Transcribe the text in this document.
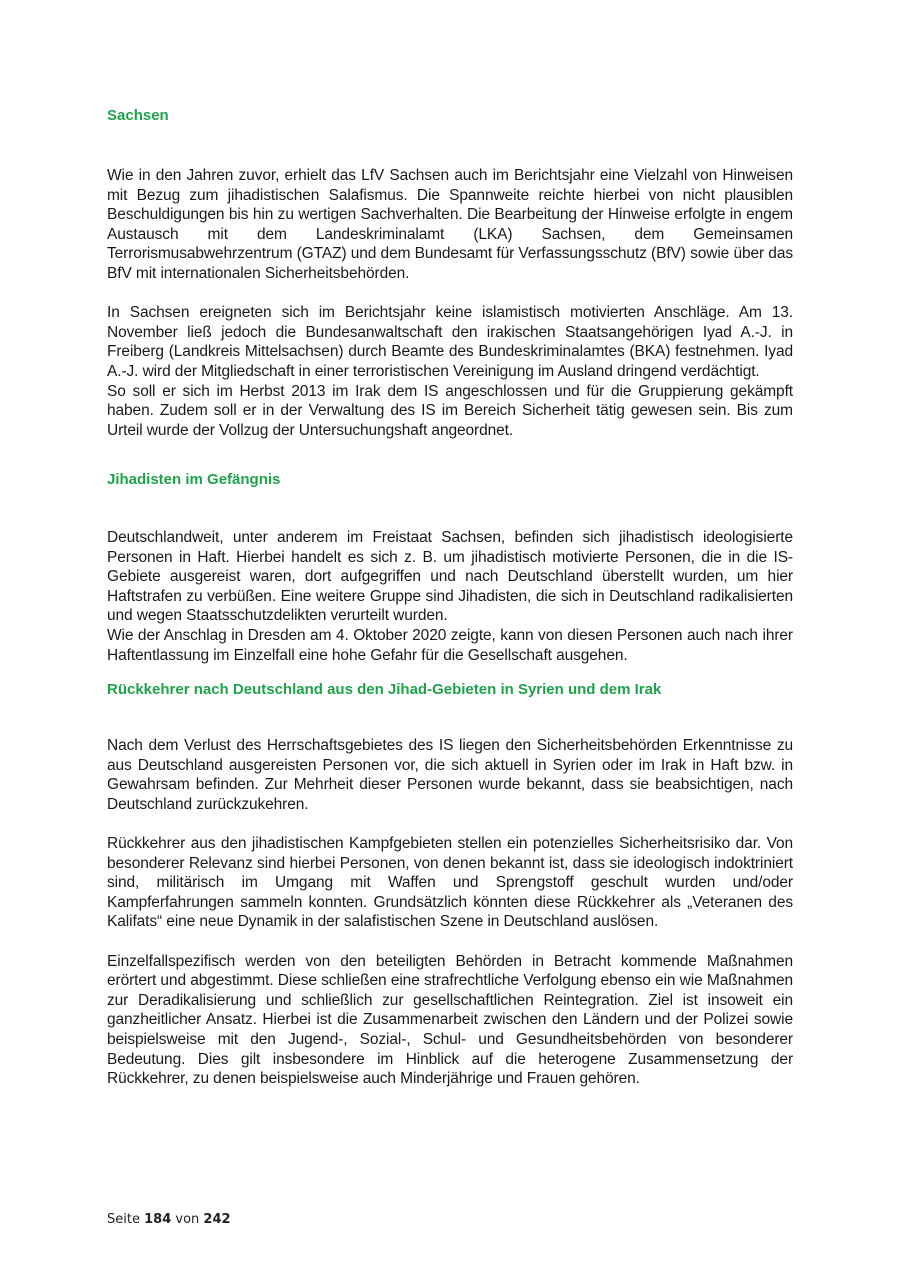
Sachsen

Wie in den Jahren zuvor, erhielt das LfV Sachsen auch im Berichtsjahr eine Vielzahl von Hinweisen mit Bezug zum jihadistischen Salafismus. Die Spannweite reichte hierbei von nicht plausiblen Beschuldigungen bis hin zu wertigen Sachverhalten. Die Bearbeitung der Hinweise erfolgte in engem Austausch mit dem Landeskriminalamt (LKA) Sachsen, dem Gemeinsamen Terrorismusabwehrzentrum (GTAZ) und dem Bundesamt für Verfassungsschutz (BfV) sowie über das BfV mit internationalen Sicherheitsbehörden.

In Sachsen ereigneten sich im Berichtsjahr keine islamistisch motivierten Anschläge. Am 13. November ließ jedoch die Bundesanwaltschaft den irakischen Staatsangehörigen Iyad A.-J. in Freiberg (Landkreis Mittelsachsen) durch Beamte des Bundeskriminalamtes (BKA) festnehmen. Iyad A.-J. wird der Mitgliedschaft in einer terroristischen Vereinigung im Ausland dringend verdächtigt.

So soll er sich im Herbst 2013 im Irak dem IS angeschlossen und für die Gruppierung gekämpft haben. Zudem soll er in der Verwaltung des IS im Bereich Sicherheit tätig gewesen sein. Bis zum Urteil wurde der Vollzug der Untersuchungshaft angeordnet.

Jihadisten im Gefängnis

Deutschlandweit, unter anderem im Freistaat Sachsen, befinden sich jihadistisch ideologisierte Personen in Haft. Hierbei handelt es sich z. B. um jihadistisch motivierte Personen, die in die IS-Gebiete ausgereist waren, dort aufgegriffen und nach Deutschland überstellt wurden, um hier Haftstrafen zu verbüßen. Eine weitere Gruppe sind Jihadisten, die sich in Deutschland radikalisierten und wegen Staatsschutzdelikten verurteilt wurden.

Wie der Anschlag in Dresden am 4. Oktober 2020 zeigte, kann von diesen Personen auch nach ihrer Haftentlassung im Einzelfall eine hohe Gefahr für die Gesellschaft ausgehen.

Rückkehrer nach Deutschland aus den Jihad-Gebieten in Syrien und dem Irak

Nach dem Verlust des Herrschaftsgebietes des IS liegen den Sicherheitsbehörden Erkenntnisse zu aus Deutschland ausgereisten Personen vor, die sich aktuell in Syrien oder im Irak in Haft bzw. in Gewahrsam befinden. Zur Mehrheit dieser Personen wurde bekannt, dass sie beabsichtigen, nach Deutschland zurückzukehren.

Rückkehrer aus den jihadistischen Kampfgebieten stellen ein potenzielles Sicherheitsrisiko dar. Von besonderer Relevanz sind hierbei Personen, von denen bekannt ist, dass sie ideologisch indoktriniert sind, militärisch im Umgang mit Waffen und Sprengstoff geschult wurden und/oder Kampferfahrungen sammeln konnten. Grundsätzlich könnten diese Rückkehrer als „Veteranen des Kalifats“ eine neue Dynamik in der salafistischen Szene in Deutschland auslösen.

Einzelfallspezifisch werden von den beteiligten Behörden in Betracht kommende Maßnahmen erörtert und abgestimmt. Diese schließen eine strafrechtliche Verfolgung ebenso ein wie Maßnahmen zur Deradikalisierung und schließlich zur gesellschaftlichen Reintegration. Ziel ist insoweit ein ganzheitlicher Ansatz. Hierbei ist die Zusammenarbeit zwischen den Ländern und der Polizei sowie beispielsweise mit den Jugend-, Sozial-, Schul- und Gesundheitsbehörden von besonderer Bedeutung. Dies gilt insbesondere im Hinblick auf die heterogene Zusammensetzung der Rückkehrer, zu denen beispielsweise auch Minderjährige und Frauen gehören.

Seite 184 von 242
